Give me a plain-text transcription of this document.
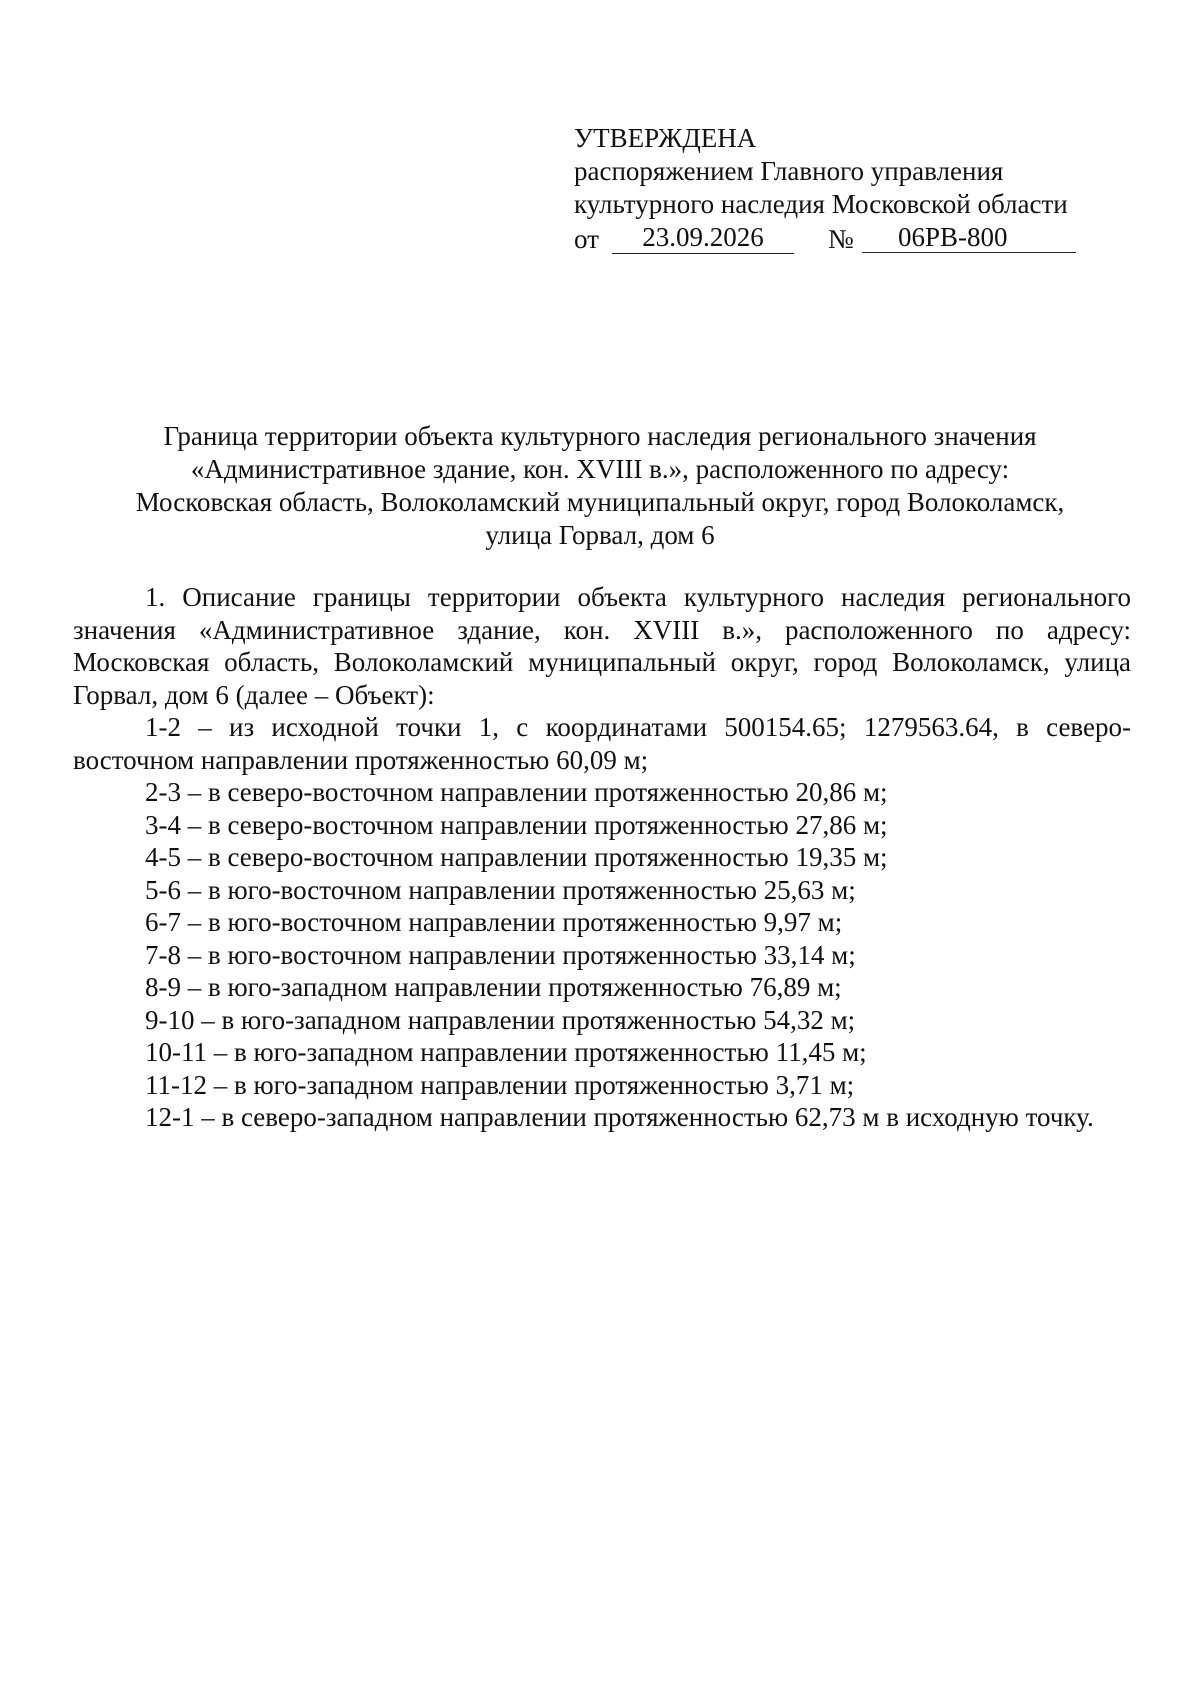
УТВЕРЖДЕНА
распоряжением Главного управления
культурного наследия Московской области
от	23.09.2026	№	06РВ-800
Граница территории объекта культурного наследия регионального значения
«Административное здание, кон. XVIII в.», расположенного по адресу:
Московская область, Волоколамский муниципальный округ, город Волоколамск,
улица Горвал, дом 6

1. Описание границы территории объекта культурного наследия регионального значения «Административное здание, кон. XVIII в.», расположенного по адресу: Московская область, Волоколамский муниципальный округ, город Волоколамск, улица Горвал, дом 6 (далее – Объект):

1-2 – из исходной точки 1, с координатами 500154.65; 1279563.64, в северо-восточном направлении протяженностью 60,09 м;

2-3 – в северо-восточном направлении протяженностью 20,86 м;
3-4 – в северо-восточном направлении протяженностью 27,86 м;
4-5 – в северо-восточном направлении протяженностью 19,35 м;
5-6 – в юго-восточном направлении протяженностью 25,63 м;
6-7 – в юго-восточном направлении протяженностью 9,97 м;
7-8 – в юго-восточном направлении протяженностью 33,14 м;
8-9 – в юго-западном направлении протяженностью 76,89 м;
9-10 – в юго-западном направлении протяженностью 54,32 м;
10-11 – в юго-западном направлении протяженностью 11,45 м;
11-12 – в юго-западном направлении протяженностью 3,71 м;
12-1 – в северо-западном направлении протяженностью 62,73 м в исходную точку.
